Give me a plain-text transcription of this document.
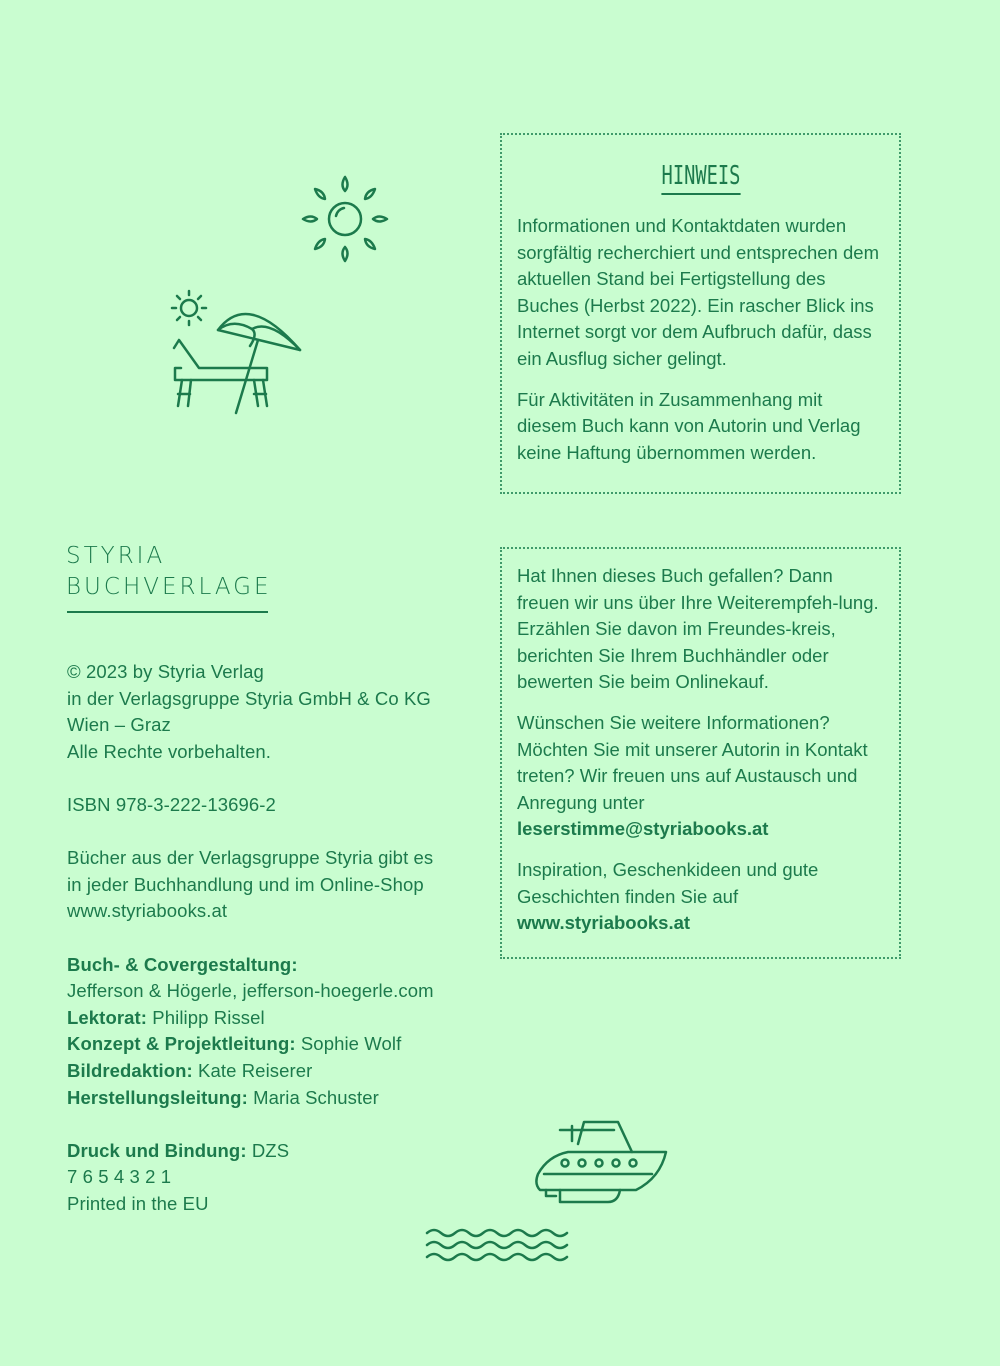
HINWEIS

Informationen und Kontaktdaten wurden sorgfältig recherchiert und entsprechen dem aktuellen Stand bei Fertigstellung des Buches (Herbst 2022). Ein rascher Blick ins Internet sorgt vor dem Aufbruch dafür, dass ein Ausflug sicher gelingt.

Für Aktivitäten in Zusammenhang mit diesem Buch kann von Autorin und Verlag keine Haftung übernommen werden.

STYRIA
BUCHVERLAGE
© 2023 by Styria Verlag
in der Verlagsgruppe Styria GmbH & Co KG
Wien – Graz
Alle Rechte vorbehalten.
ISBN 978-3-222-13696-2
Bücher aus der Verlagsgruppe Styria gibt es
in jeder Buchhandlung und im Online-Shop
www.styriabooks.at
Buch- & Covergestaltung:
Jefferson & Högerle, jefferson-hoegerle.com
Lektorat: Philipp Rissel
Konzept & Projektleitung: Sophie Wolf
Bildredaktion: Kate Reiserer
Herstellungsleitung: Maria Schuster
Druck und Bindung: DZS
7 6 5 4 3 2 1
Printed in the EU

Hat Ihnen dieses Buch gefallen? Dann freuen wir uns über Ihre Weiterempfeh-lung. Erzählen Sie davon im Freundes-kreis, berichten Sie Ihrem Buchhändler oder bewerten Sie beim Onlinekauf.

Wünschen Sie weitere Informationen? Möchten Sie mit unserer Autorin in Kontakt treten? Wir freuen uns auf Austausch und Anregung unter leserstimme@styriabooks.at

Inspiration, Geschenkideen und gute Geschichten finden Sie auf www.styriabooks.at
